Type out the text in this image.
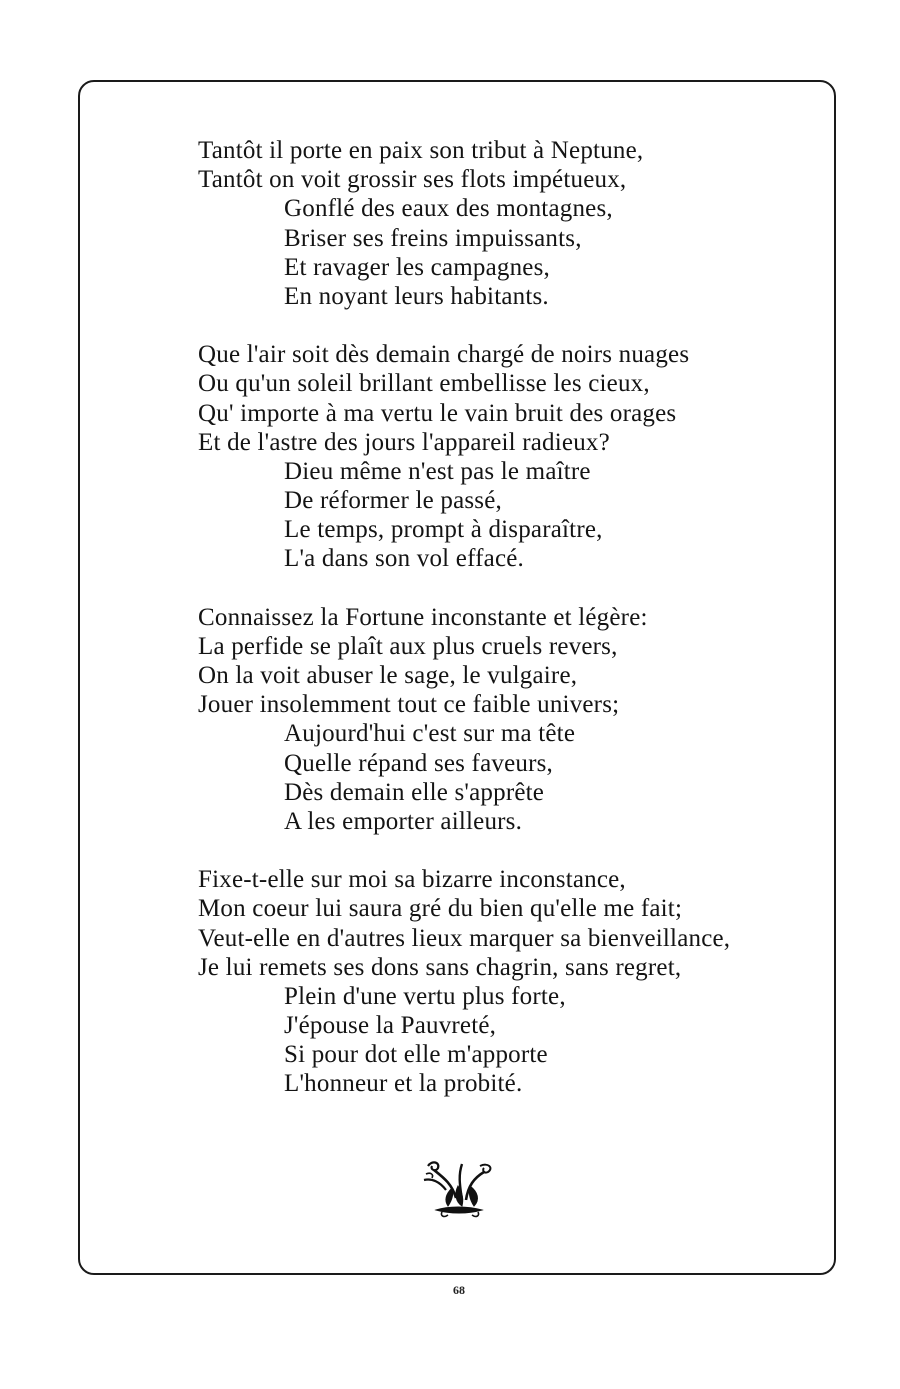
Tantôt il porte en paix son tribut à Neptune,
Tantôt on voit grossir ses flots impétueux,
Gonflé des eaux des montagnes,
Briser ses freins impuissants,
Et ravager les campagnes,
En noyant leurs habitants.
Que l'air soit dès demain chargé de noirs nuages
Ou qu'un soleil brillant embellisse les cieux,
Qu' importe à ma vertu le vain bruit des orages
Et de l'astre des jours l'appareil radieux?
Dieu même n'est pas le maître
De réformer le passé,
Le temps, prompt à disparaître,
L'a dans son vol effacé.
Connaissez la Fortune inconstante et légère:
La perfide se plaît aux plus cruels revers,
On la voit abuser le sage, le vulgaire,
Jouer insolemment tout ce faible univers;
Aujourd'hui c'est sur ma tête
Quelle répand ses faveurs,
Dès demain elle s'apprête
A les emporter ailleurs.
Fixe-t-elle sur moi sa bizarre inconstance,
Mon coeur lui saura gré du bien qu'elle me fait;
Veut-elle en d'autres lieux marquer sa bienveillance,
Je lui remets ses dons sans chagrin, sans regret,
Plein d'une vertu plus forte,
J'épouse la Pauvreté,
Si pour dot elle m'apporte
L'honneur et la probité.
68
